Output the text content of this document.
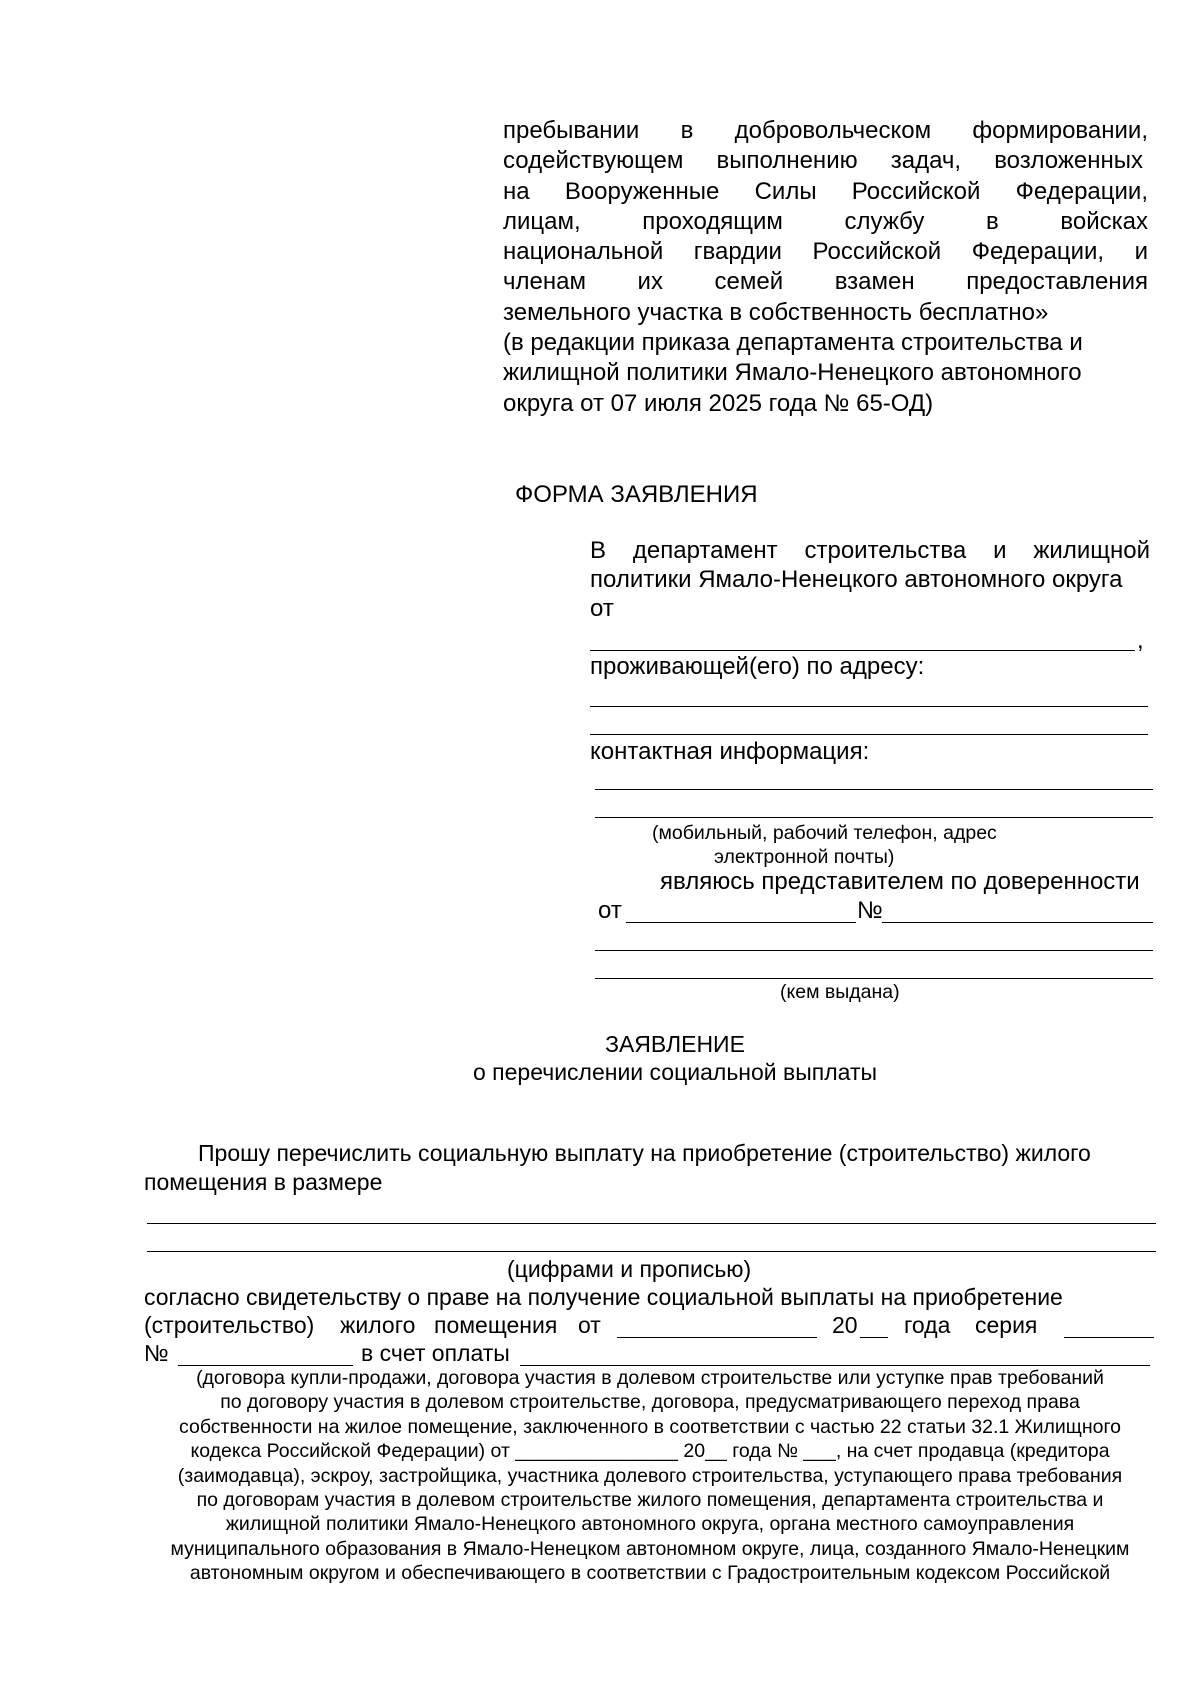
пребывании в добровольческом формировании,
содействующем выполнению задач, возложенных
на Вооруженные Силы Российской Федерации,
лицам, проходящим службу в войсках
национальной гвардии Российской Федерации, и
членам их семей взамен предоставления
земельного участка в собственность бесплатно»
(в редакции приказа департамента строительства и
жилищной политики Ямало-Ненецкого автономного
округа от 07 июля 2025 года № 65-ОД)
ФОРМА ЗАЯВЛЕНИЯ
В департамент строительства и жилищной
политики Ямало-Ненецкого автономного округа
от
,
проживающей(его) по адресу:
контактная информация:
(мобильный, рабочий телефон, адрес
электронной почты)
являюсь представителем по доверенности
от	№
(кем выдана)
ЗАЯВЛЕНИЕ
о перечислении социальной выплаты
Прошу перечислить социальную выплату на приобретение (строительство) жилого
помещения в размере
(цифрами и прописью)
согласно свидетельству о праве на получение социальной выплаты на приобретение
(строительство) жилого помещения от	20 года серия
№	в счет оплаты
(договора купли-продажи, договора участия в долевом строительстве или уступке прав требований
по договору участия в долевом строительстве, договора, предусматривающего переход права
собственности на жилое помещение, заключенного в соответствии с частью 22 статьи 32.1 Жилищного
кодекса Российской Федерации) от _______________ 20__ года № ___, на счет продавца (кредитора
(заимодавца), эскроу, застройщика, участника долевого строительства, уступающего права требования
по договорам участия в долевом строительстве жилого помещения, департамента строительства и
жилищной политики Ямало-Ненецкого автономного округа, органа местного самоуправления
муниципального образования в Ямало-Ненецком автономном округе, лица, созданного Ямало-Ненецким
автономным округом и обеспечивающего в соответствии с Градостроительным кодексом Российской
